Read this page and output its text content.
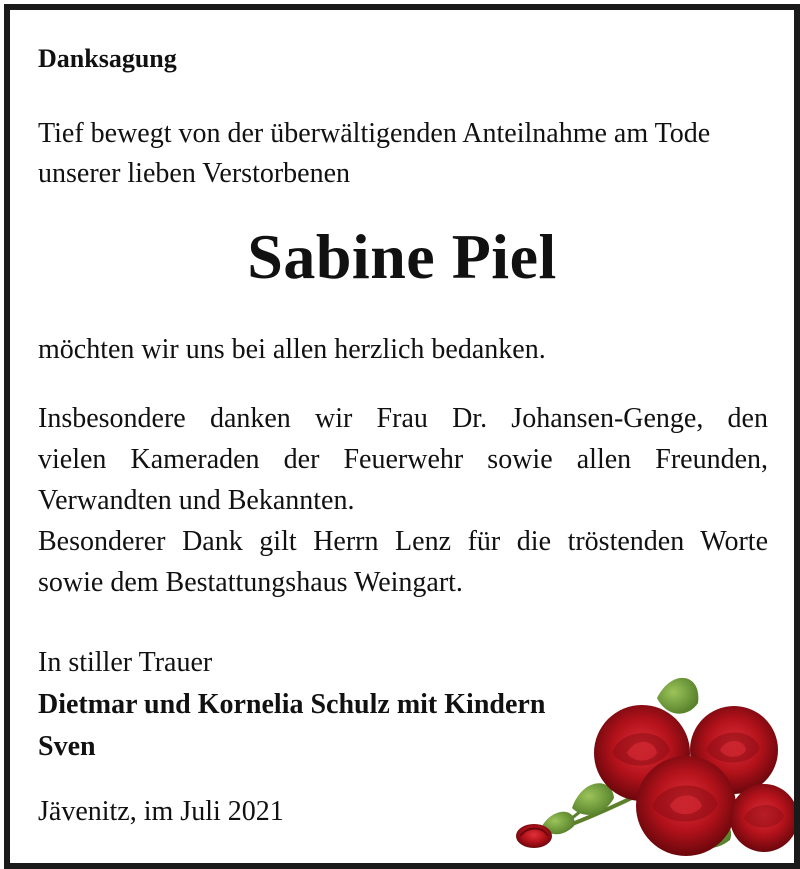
Danksagung
Tief bewegt von der überwältigenden Anteilnahme am Tode
unserer lieben Verstorbenen
Sabine Piel
möchten wir uns bei allen herzlich bedanken.
Insbesondere danken wir Frau Dr. Johansen-Genge, den
vielen Kameraden der Feuerwehr sowie allen Freunden,
Verwandten und Bekannten.
Besonderer Dank gilt Herrn Lenz für die tröstenden Worte
sowie dem Bestattungshaus Weingart.
In stiller Trauer
Dietmar und Kornelia Schulz mit Kindern
Sven
Jävenitz, im Juli 2021
